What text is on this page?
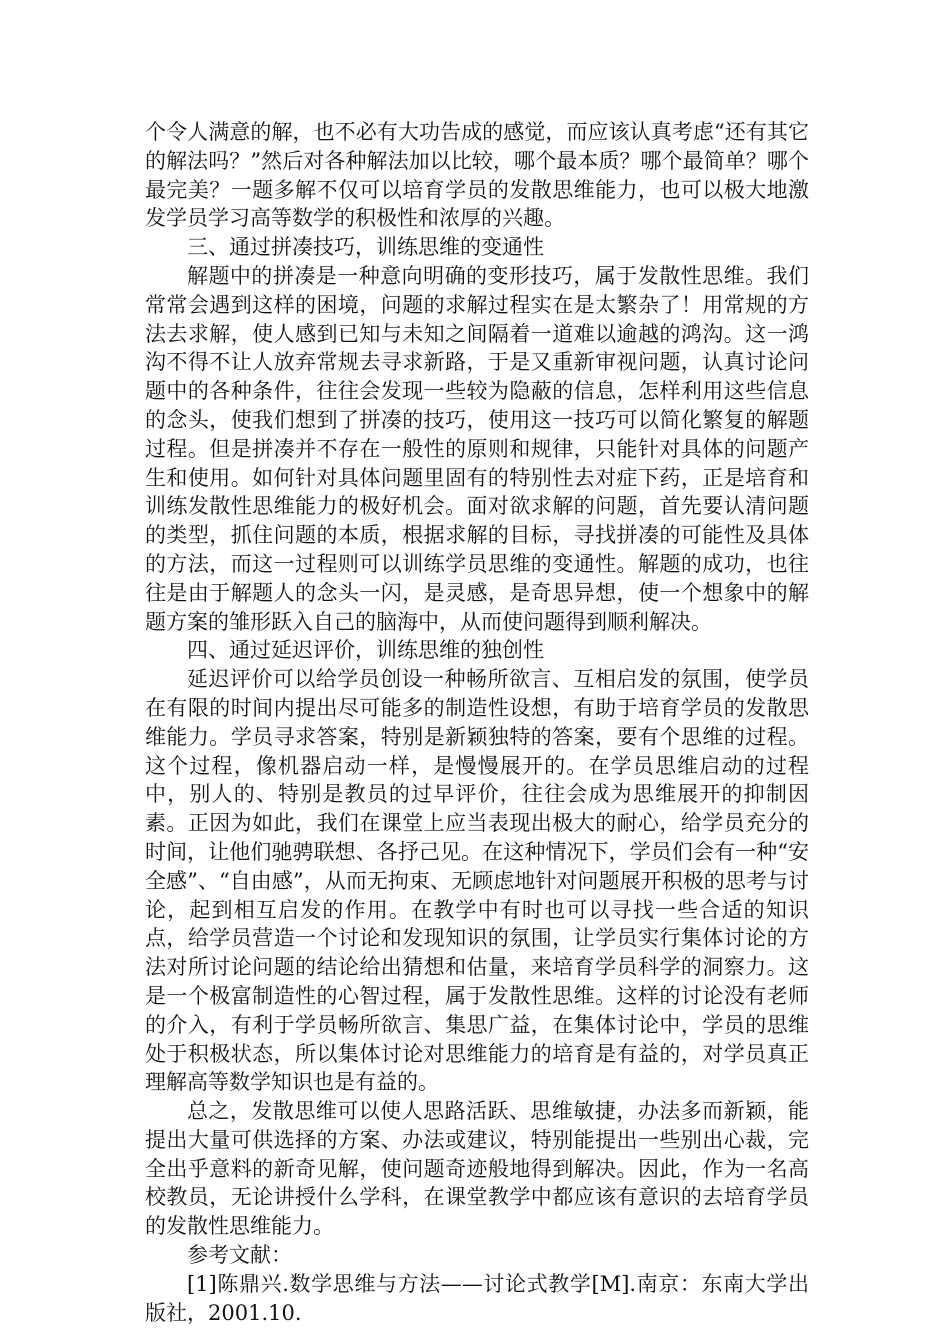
个令人满意的解，也不必有大功告成的感觉，而应该认真考虑“还有其它的解法吗？”然后对各种解法加以比较，哪个最本质？哪个最简单？哪个最完美？一题多解不仅可以培育学员的发散思维能力，也可以极大地激发学员学习高等数学的积极性和浓厚的兴趣。

三、通过拼凑技巧，训练思维的变通性

解题中的拼凑是一种意向明确的变形技巧，属于发散性思维。我们常常会遇到这样的困境，问题的求解过程实在是太繁杂了！用常规的方法去求解，使人感到已知与未知之间隔着一道难以逾越的鸿沟。这一鸿沟不得不让人放弃常规去寻求新路，于是又重新审视问题，认真讨论问题中的各种条件，往往会发现一些较为隐蔽的信息，怎样利用这些信息的念头，使我们想到了拼凑的技巧，使用这一技巧可以简化繁复的解题过程。但是拼凑并不存在一般性的原则和规律，只能针对具体的问题产生和使用。如何针对具体问题里固有的特别性去对症下药，正是培育和训练发散性思维能力的极好机会。面对欲求解的问题，首先要认清问题的类型，抓住问题的本质，根据求解的目标，寻找拼凑的可能性及具体的方法，而这一过程则可以训练学员思维的变通性。解题的成功，也往往是由于解题人的念头一闪，是灵感，是奇思异想，使一个想象中的解题方案的雏形跃入自己的脑海中，从而使问题得到顺利解决。

四、通过延迟评价，训练思维的独创性

延迟评价可以给学员创设一种畅所欲言、互相启发的氛围，使学员在有限的时间内提出尽可能多的制造性设想，有助于培育学员的发散思维能力。学员寻求答案，特别是新颖独特的答案，要有个思维的过程。这个过程，像机器启动一样，是慢慢展开的。在学员思维启动的过程中，别人的、特别是教员的过早评价，往往会成为思维展开的抑制因素。正因为如此，我们在课堂上应当表现出极大的耐心，给学员充分的时间，让他们驰骋联想、各抒己见。在这种情况下，学员们会有一种“安全感”、“自由感”，从而无拘束、无顾虑地针对问题展开积极的思考与讨论，起到相互启发的作用。在教学中有时也可以寻找一些合适的知识点，给学员营造一个讨论和发现知识的氛围，让学员实行集体讨论的方法对所讨论问题的结论给出猜想和估量，来培育学员科学的洞察力。这是一个极富制造性的心智过程，属于发散性思维。这样的讨论没有老师的介入，有利于学员畅所欲言、集思广益，在集体讨论中，学员的思维处于积极状态，所以集体讨论对思维能力的培育是有益的，对学员真正理解高等数学知识也是有益的。

总之，发散思维可以使人思路活跃、思维敏捷，办法多而新颖，能提出大量可供选择的方案、办法或建议，特别能提出一些别出心裁，完全出乎意料的新奇见解，使问题奇迹般地得到解决。因此，作为一名高校教员，无论讲授什么学科，在课堂教学中都应该有意识的去培育学员的发散性思维能力。

参考文献：

[1]陈鼎兴.数学思维与方法——讨论式教学[M].南京：东南大学出版社，2001.10.
